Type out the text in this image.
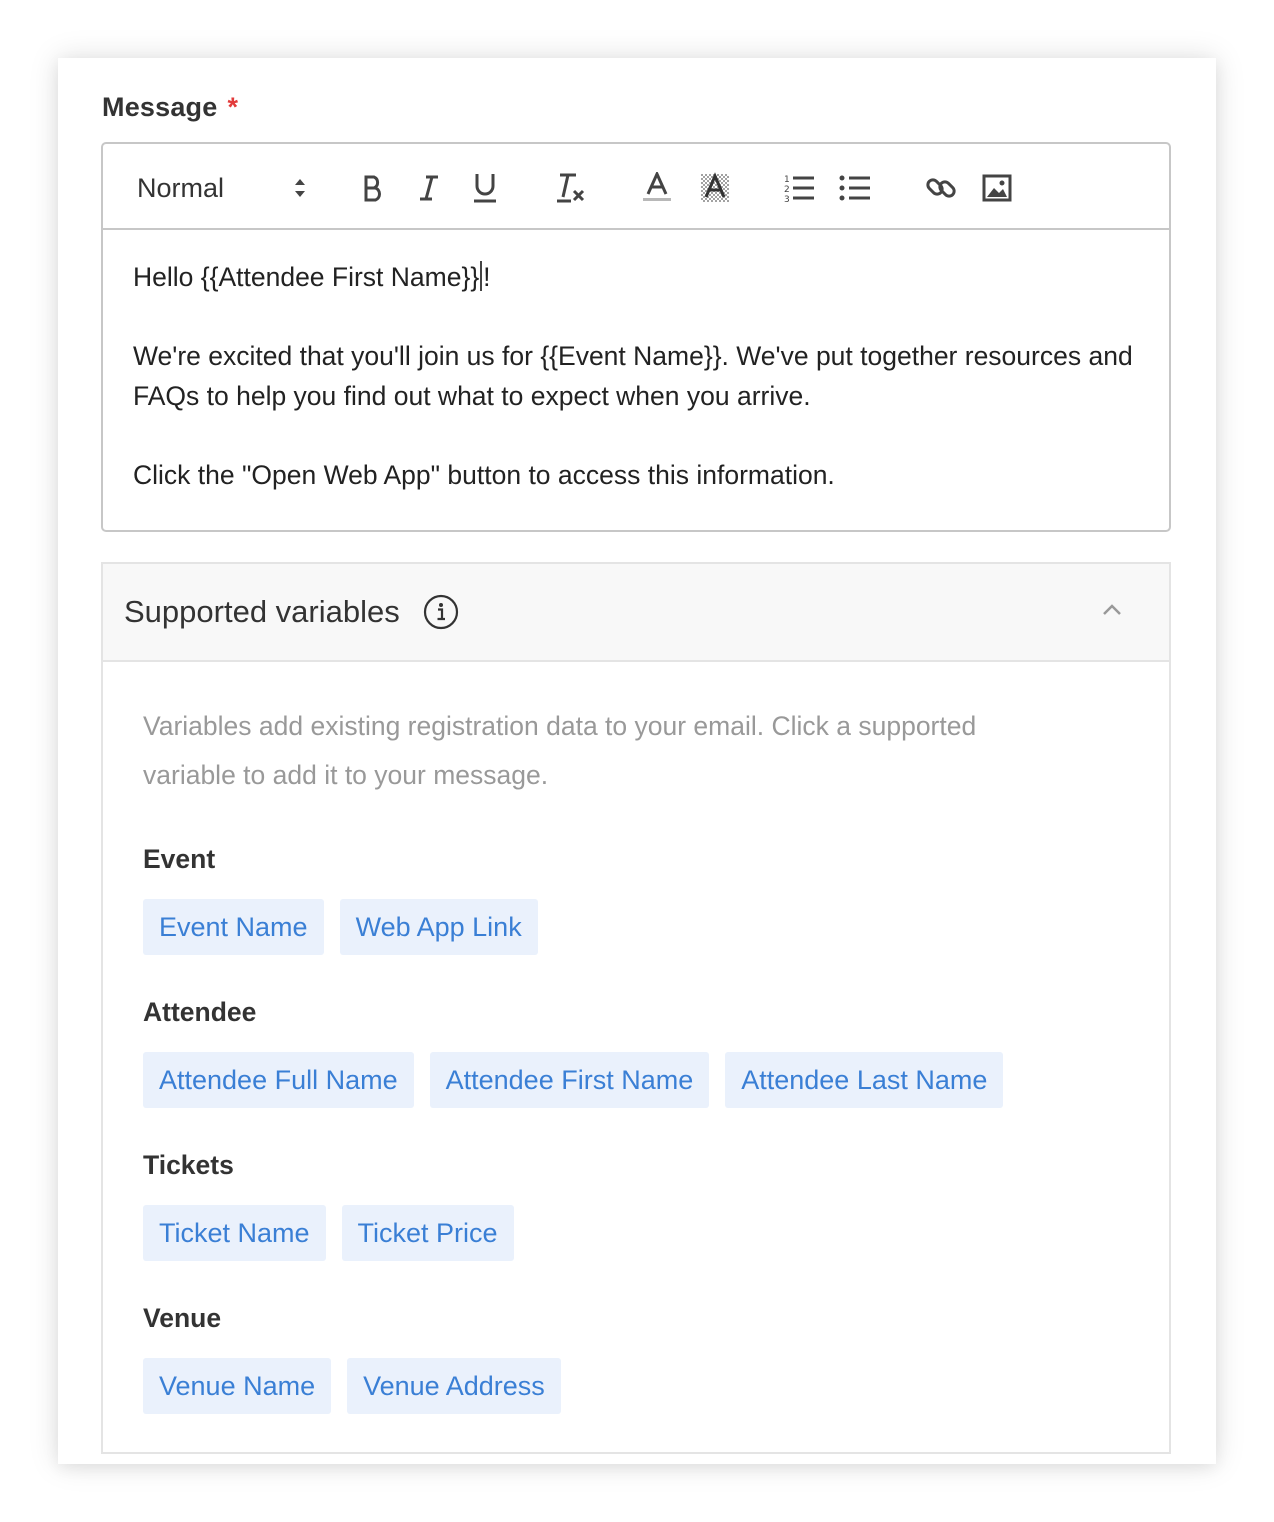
Message *
Normal	1
2
3

Hello {{Attendee First Name}} !

We're excited that you'll join us for {{Event Name}}. We've put together resources and FAQs to help you find out what to expect when you arrive.

Click the "Open Web App" button to access this information.

Supported variables

Variables add existing registration data to your email. Click a supported variable to add it to your message.

Event
Event Name	Web App Link
Attendee
Attendee Full Name	Attendee First Name	Attendee Last Name
Tickets
Ticket Name	Ticket Price
Venue
Venue Name	Venue Address
